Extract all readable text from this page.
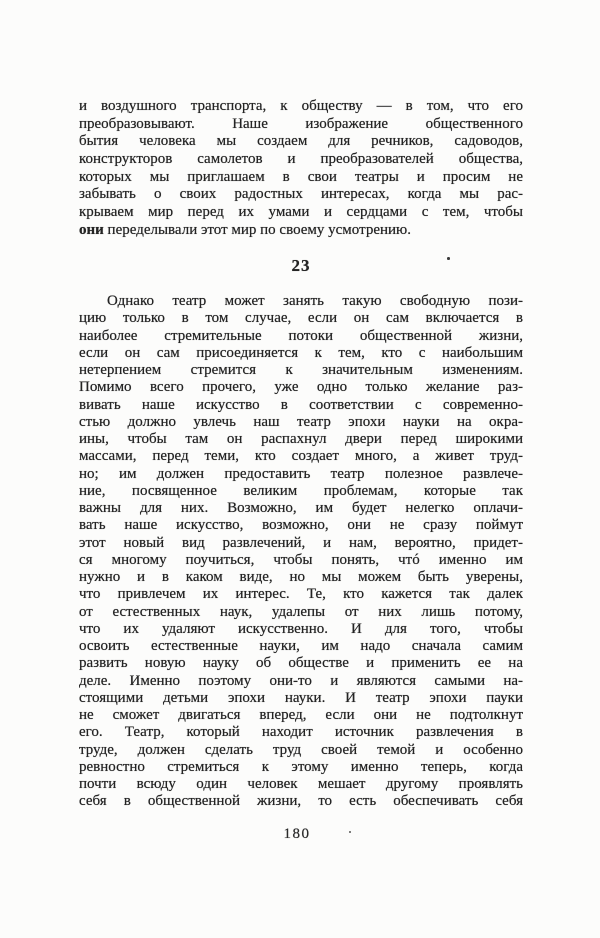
и воздушного транспорта, к обществу — в том, что его
преобразовывают. Наше изображение общественного
бытия человека мы создаем для речников, садоводов,
конструкторов самолетов и преобразователей общества,
которых мы приглашаем в свои театры и просим не
забывать о своих радостных интересах, когда мы рас-
крываем мир перед их умами и сердцами с тем, чтобы
они переделывали этот мир по своему усмотрению.
23
Однако театр может занять такую свободную пози-
цию только в том случае, если он сам включается в
наиболее стремительные потоки общественной жизни,
если он сам присоединяется к тем, кто с наибольшим
нетерпением стремится к значительным изменениям.
Помимо всего прочего, уже одно только желание раз-
вивать наше искусство в соответствии с современно-
стью должно увлечь наш театр эпохи науки на окра-
ины, чтобы там он распахнул двери перед широкими
массами, перед теми, кто создает много, а живет труд-
но; им должен предоставить театр полезное развлече-
ние, посвященное великим проблемам, которые так
важны для них. Возможно, им будет нелегко оплачи-
вать наше искусство, возможно, они не сразу поймут
этот новый вид развлечений, и нам, вероятно, придет-
ся многому поучиться, чтобы понять, чтó именно им
нужно и в каком виде, но мы можем быть уверены,
что привлечем их интерес. Те, кто кажется так далек
от естественных наук, удалепы от них лишь потому,
что их удаляют искусственно. И для того, чтобы
освоить естественные науки, им надо сначала самим
развить новую науку об обществе и применить ее на
деле. Именно поэтому они-то и являются самыми на-
стоящими детьми эпохи науки. И театр эпохи пауки
не сможет двигаться вперед, если они не подтолкнут
его. Театр, который находит источник развлечения в
труде, должен сделать труд своей темой и особенно
ревностно стремиться к этому именно теперь, когда
почти всюду один человек мешает другому проявлять
себя в общественной жизни, то есть обеспечивать себя
180
